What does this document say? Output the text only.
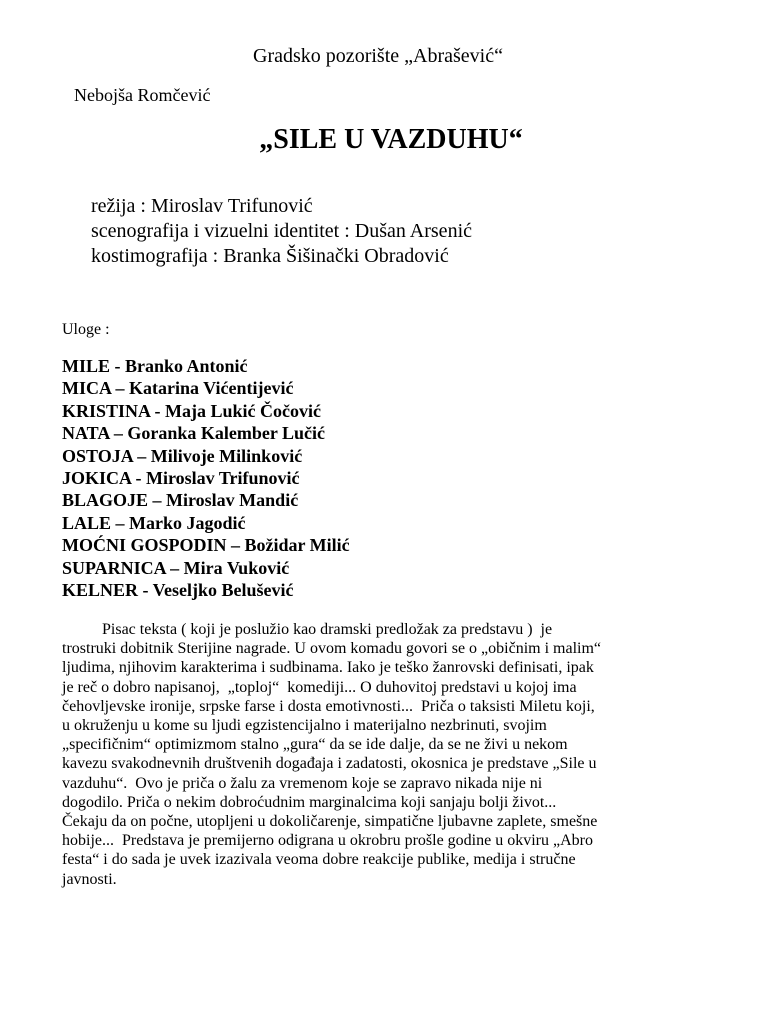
Gradsko pozorište „Abrašević“
Nebojša Romčević
„SILE U VAZDUHU“
režija : Miroslav Trifunović
scenografija i vizuelni identitet : Dušan Arsenić
kostimografija : Branka Šišinački Obradović
Uloge :
MILE - Branko Antonić
MICA – Katarina Vićentijević
KRISTINA - Maja Lukić Čočović
NATA – Goranka Kalember Lučić
OSTOJA – Milivoje Milinković
JOKICA - Miroslav Trifunović
BLAGOJE – Miroslav Mandić
LALE – Marko Jagodić
MOĆNI GOSPODIN – Božidar Milić
SUPARNICA – Mira Vuković
KELNER - Veseljko Belušević
Pisac teksta ( koji je poslužio kao dramski predložak za predstavu )  je
trostruki dobitnik Sterijine nagrade. U ovom komadu govori se o „običnim i malim“
ljudima, njihovim karakterima i sudbinama. Iako je teško žanrovski definisati, ipak
je reč o dobro napisanoj,  „toploj“  komediji... O duhovitoj predstavi u kojoj ima
čehovljevske ironije, srpske farse i dosta emotivnosti...  Priča o taksisti Miletu koji,
u okruženju u kome su ljudi egzistencijalno i materijalno nezbrinuti, svojim
„specifičnim“ optimizmom stalno „gura“ da se ide dalje, da se ne živi u nekom
kavezu svakodnevnih društvenih događaja i zadatosti, okosnica je predstave „Sile u
vazduhu“.  Ovo je priča o žalu za vremenom koje se zapravo nikada nije ni
dogodilo. Priča o nekim dobroćudnim marginalcima koji sanjaju bolji život...
Čekaju da on počne, utopljeni u dokoličarenje, simpatične ljubavne zaplete, smešne
hobije...  Predstava je premijerno odigrana u okrobru prošle godine u okviru „Abro
festa“ i do sada je uvek izazivala veoma dobre reakcije publike, medija i stručne
javnosti.
